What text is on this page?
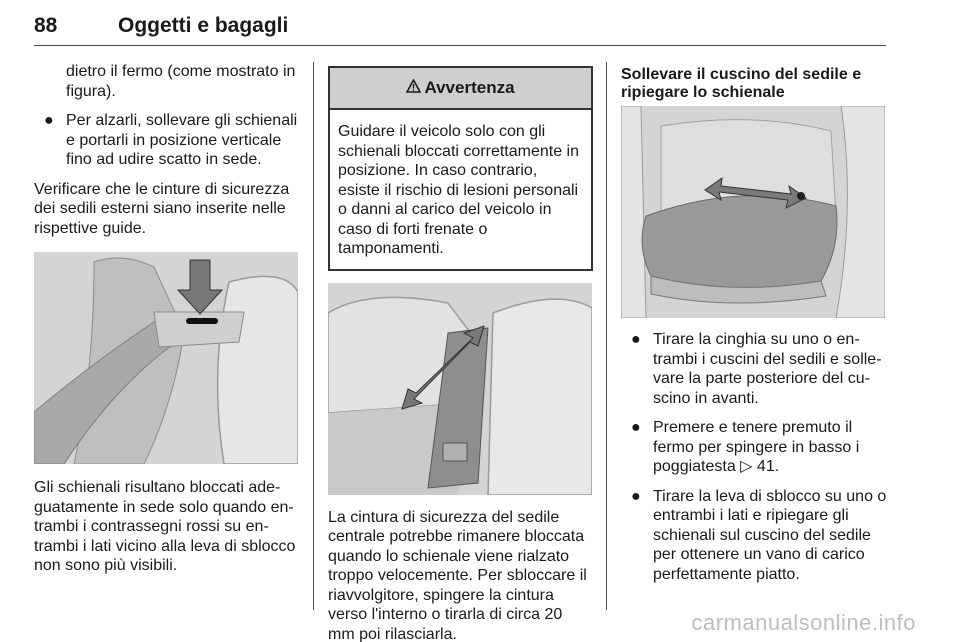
88	Oggetti e bagagli

dietro il fermo (come mostrato in figura).

● Per alzarli, sollevare gli schienali e portarli in posizione verticale fino ad udire scatto in sede.

Verificare che le cinture di sicurezza dei sedili esterni siano inserite nelle rispettive guide.

Gli schienali risultano bloccati adeguatamente in sede solo quando entrambi i contrassegni rossi su entrambi i lati vicino alla leva di sblocco non sono più visibili.

Avvertenza
Guidare il veicolo solo con gli schienali bloccati correttamente in posizione. In caso contrario, esiste il rischio di lesioni personali o danni al carico del veicolo in caso di forti frenate o tamponamenti.

La cintura di sicurezza del sedile centrale potrebbe rimanere bloccata quando lo schienale viene rialzato troppo velocemente. Per sbloccare il riavvolgitore, spingere la cintura verso l'interno o tirarla di circa 20 mm poi rilasciarla.

Sollevare il cuscino del sedile e ripiegare lo schienale

● Tirare la cinghia su uno o entrambi i cuscini del sedili e sollevare la parte posteriore del cuscino in avanti.
● Premere e tenere premuto il fermo per spingere in basso i poggiatesta ▷ 41.
● Tirare la leva di sblocco su uno o entrambi i lati e ripiegare gli schienali sul cuscino del sedile per ottenere un vano di carico perfettamente piatto.
carmanualsonline.info
